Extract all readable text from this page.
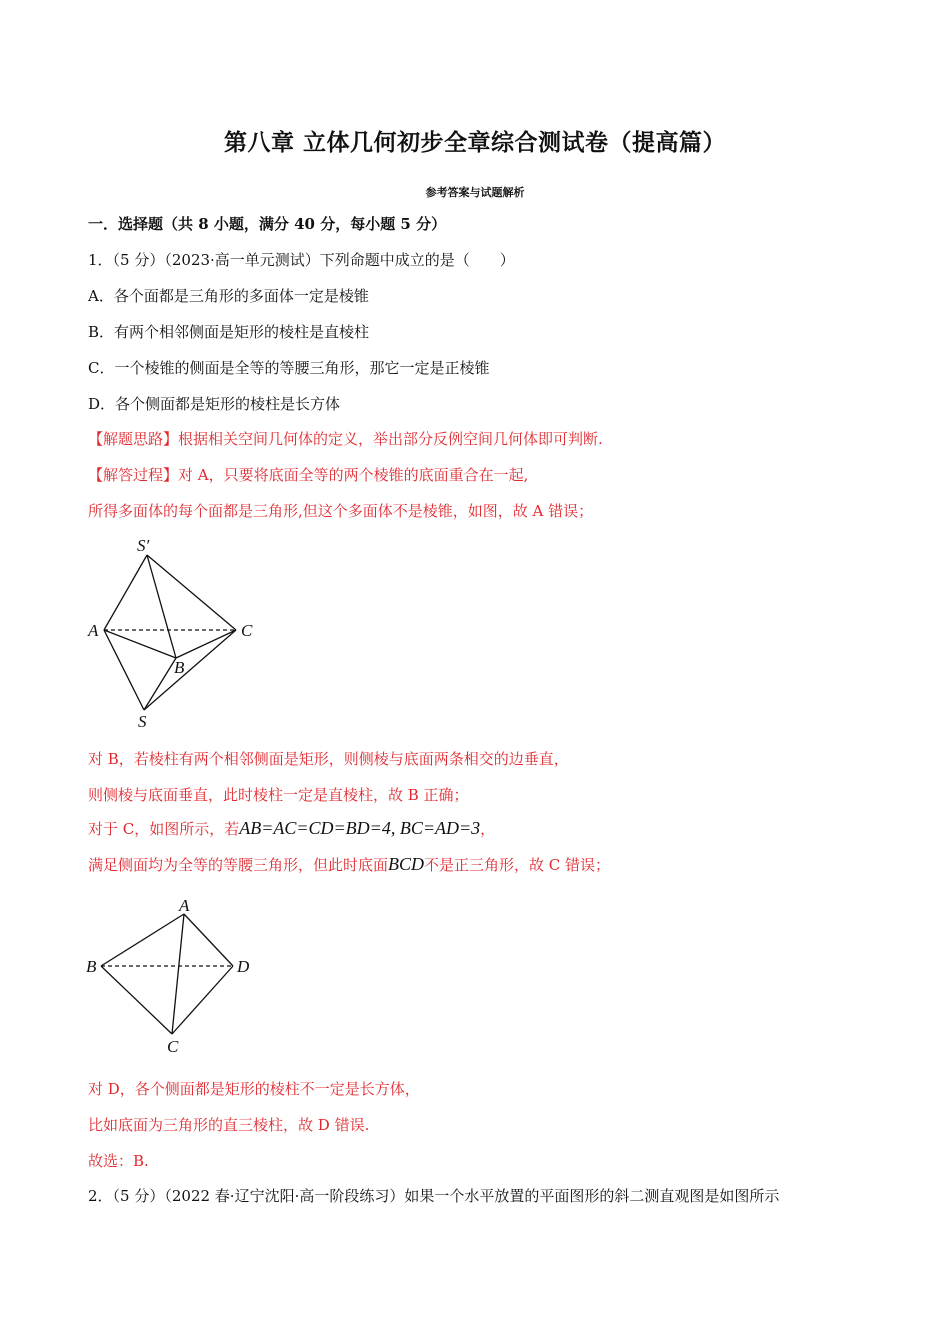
第八章 立体几何初步全章综合测试卷（提高篇）
参考答案与试题解析
一．选择题（共 8 小题，满分 40 分，每小题 5 分）
1．（5 分）（2023·高一单元测试）下列命题中成立的是（　　）
A．各个面都是三角形的多面体一定是棱锥
B．有两个相邻侧面是矩形的棱柱是直棱柱
C．一个棱锥的侧面是全等的等腰三角形，那它一定是正棱锥
D．各个侧面都是矩形的棱柱是长方体
【解题思路】根据相关空间几何体的定义，举出部分反例空间几何体即可判断.
【解答过程】对 A，只要将底面全等的两个棱锥的底面重合在一起,
所得多面体的每个面都是三角形,但这个多面体不是棱锥，如图，故 A 错误；
S′
A	C
B
S
对 B，若棱柱有两个相邻侧面是矩形，则侧棱与底面两条相交的边垂直，
则侧棱与底面垂直，此时棱柱一定是直棱柱，故 B 正确；
对于 C，如图所示，若AB=AC=CD=BD=4, BC=AD=3，
满足侧面均为全等的等腰三角形，但此时底面BCD不是正三角形，故 C 错误；
A
B	D
C
对 D，各个侧面都是矩形的棱柱不一定是长方体，
比如底面为三角形的直三棱柱，故 D 错误.
故选：B.
2．（5 分）（2022 春·辽宁沈阳·高一阶段练习）如果一个水平放置的平面图形的斜二测直观图是如图所示
